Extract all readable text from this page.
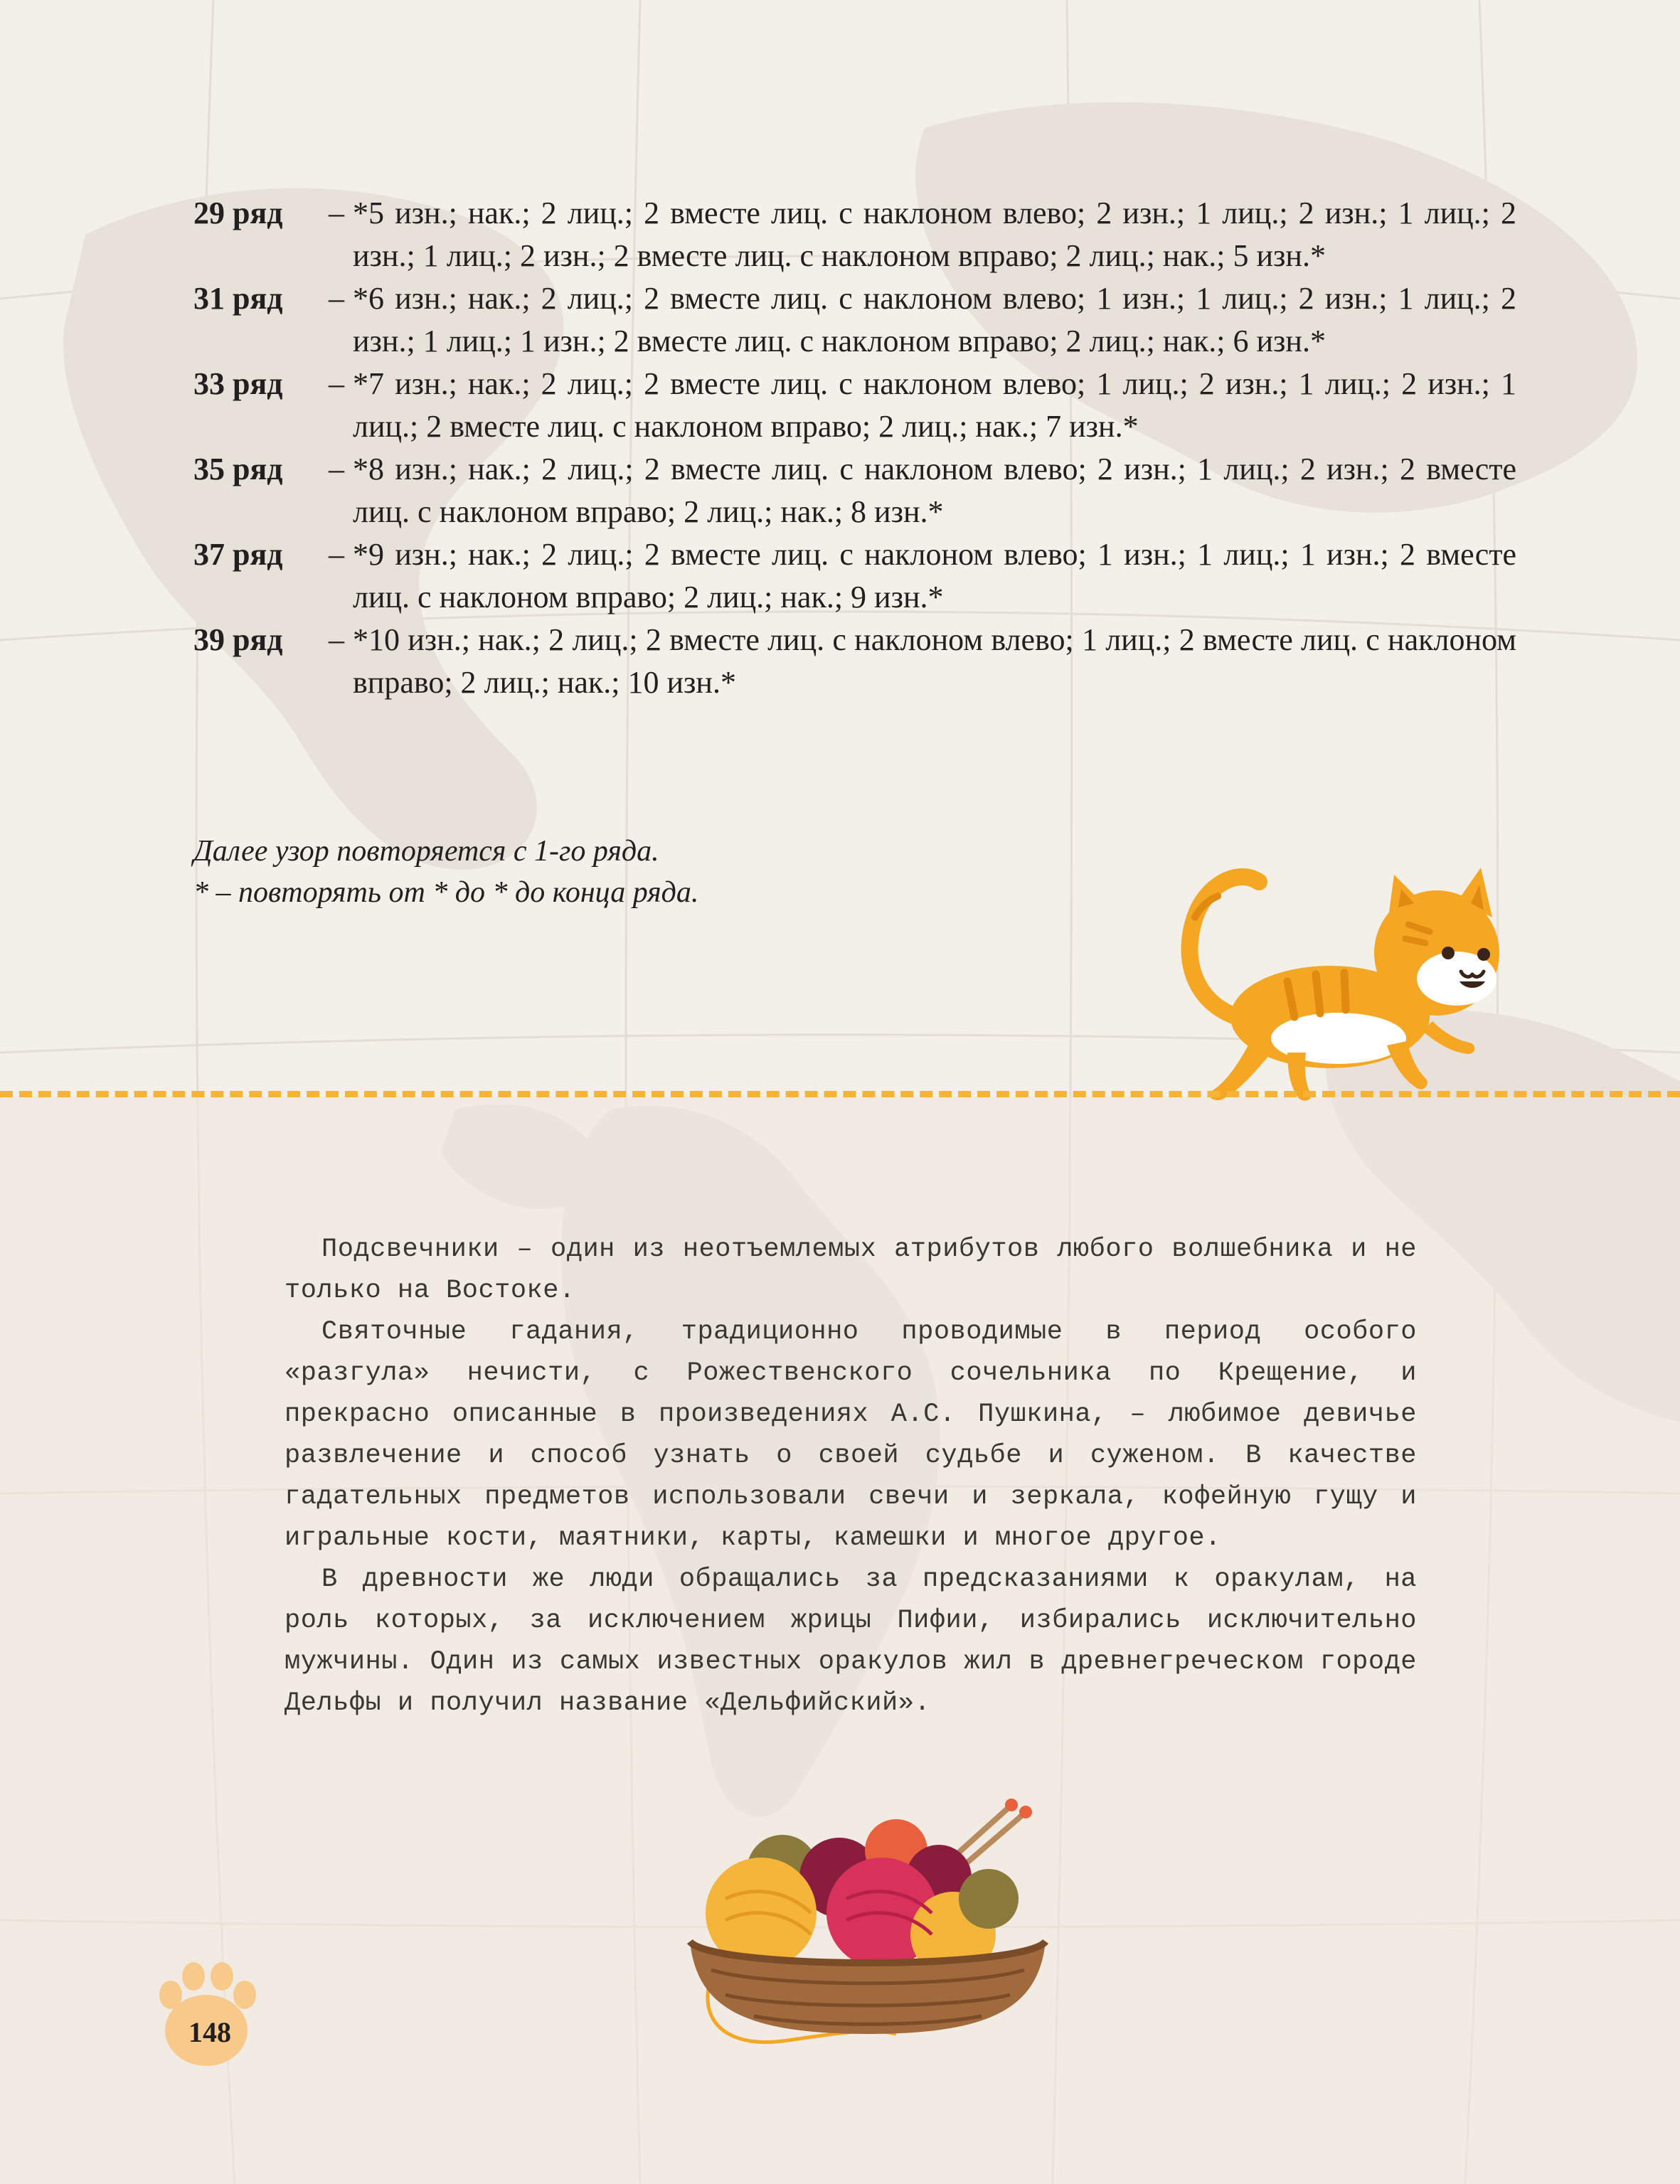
29 ряд	– *5 изн.; нак.; 2 лиц.; 2 вместе лиц. с наклоном влево; 2 изн.; 1 лиц.; 2 изн.; 1 лиц.; 2 изн.; 1 лиц.; 2 изн.; 2 вместе лиц. с наклоном вправо; 2 лиц.; нак.; 5 изн.*
31 ряд	– *6 изн.; нак.; 2 лиц.; 2 вместе лиц. с наклоном влево; 1 изн.; 1 лиц.; 2 изн.; 1 лиц.; 2 изн.; 1 лиц.; 1 изн.; 2 вместе лиц. с наклоном вправо; 2 лиц.; нак.; 6 изн.*
33 ряд	– *7 изн.; нак.; 2 лиц.; 2 вместе лиц. с наклоном влево; 1 лиц.; 2 изн.; 1 лиц.; 2 изн.; 1 лиц.; 2 вместе лиц. с наклоном вправо; 2 лиц.; нак.; 7 изн.*
35 ряд	– *8 изн.; нак.; 2 лиц.; 2 вместе лиц. с наклоном влево; 2 изн.; 1 лиц.; 2 изн.; 2 вместе лиц. с наклоном вправо; 2 лиц.; нак.; 8 изн.*
37 ряд	– *9 изн.; нак.; 2 лиц.; 2 вместе лиц. с наклоном влево; 1 изн.; 1 лиц.; 1 изн.; 2 вместе лиц. с наклоном вправо; 2 лиц.; нак.; 9 изн.*
39 ряд	– *10 изн.; нак.; 2 лиц.; 2 вместе лиц. с наклоном влево; 1 лиц.; 2 вместе лиц. с наклоном вправо; 2 лиц.; нак.; 10 изн.*
Далее узор повторяется с 1-го ряда.
* – повторять от * до * до конца ряда.

Подсвечники – один из неотъемлемых атрибутов любого волшебника и не только на Востоке.

Святочные гадания, традиционно проводимые в период особого «разгула» нечисти, с Рожественского сочельника по Крещение, и прекрасно описанные в произведениях А.С. Пушкина, – любимое девичье развлечение и способ узнать о своей судьбе и суженом. В качестве гадательных предметов использовали свечи и зеркала, кофейную гущу и игральные кости, маятники, карты, камешки и многое другое.

В древности же люди обращались за предсказаниями к оракулам, на роль которых, за исключением жрицы Пифии, избирались исключительно мужчины. Один из самых известных оракулов жил в древнегреческом городе Дельфы и получил название «Дельфийский».

148
